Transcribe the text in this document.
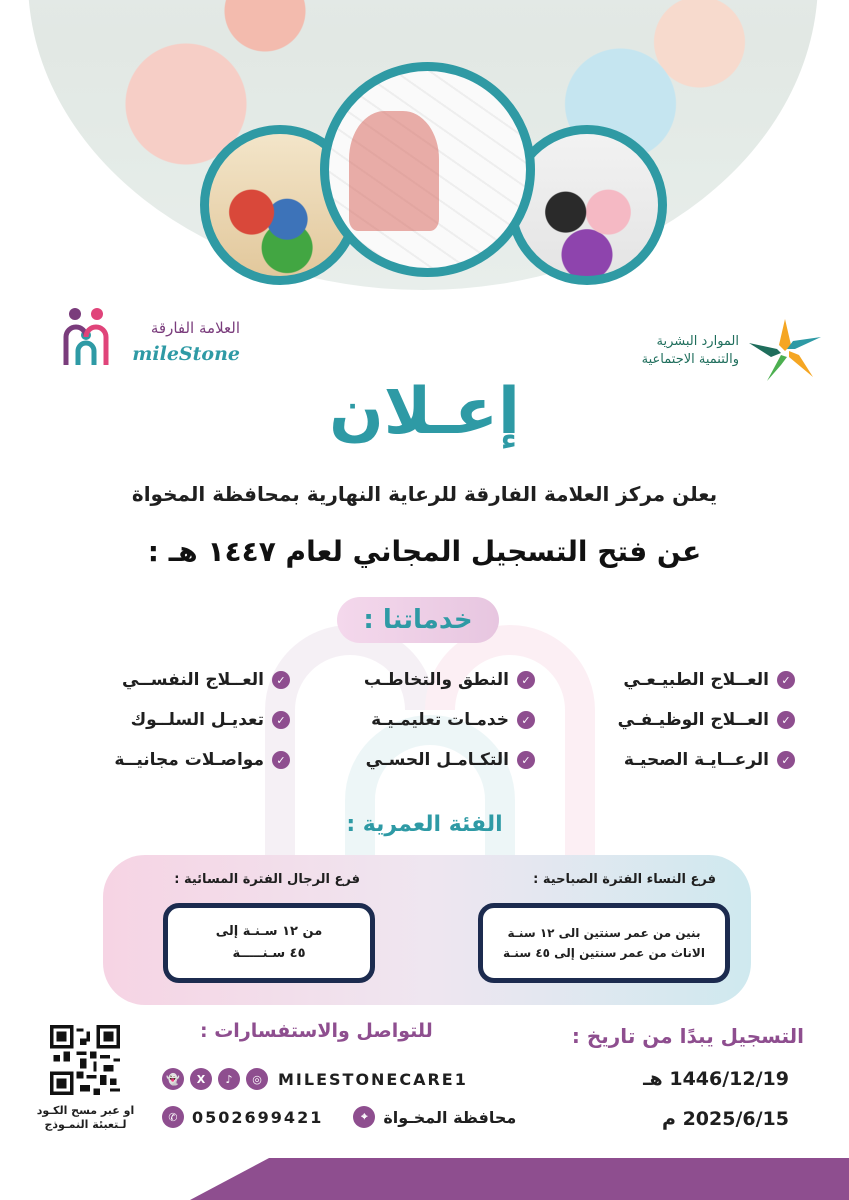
العلامة الفارقة
mileStone
الموارد البشرية
والتنمية الاجتماعية
إعـلان
يعلن مركز العلامة الفارقة للرعاية النهارية بمحافظة المخواة
عن فتح التسجيل المجاني لعام ١٤٤٧ هـ :
خدماتنا :
✓
العــلاج الطبيـعـي
✓
النطق والتخاطـب
✓
العــلاج النفســي
✓
العــلاج الوظيـفـي
✓
خدمـات تعليمـيـة
✓
تعديـل السلــوك
✓
الرعــايـة الصحيـة
✓
التكـامـل الحسـي
✓
مواصـلات مجانيــة
الفئة العمرية :
فرع النساء الفترة الصباحية :
فرع الرجال الفترة المسائية :
بنين من عمر سنتين الى ١٢ سنـة
الاناث من عمر سنتين إلى ٤٥ سنـة
من ١٢ سـنـة إلى
٤٥ سـنـــــة
التسجيل يبدًا من تاريخ :
1446/12/19 هـ
2025/6/15 م
للتواصل والاستفسارات :
👻	X	♪	◎	MILESTONECARE1
✆ 0502699421	⌖ محافظة المخـواة
او عبر مسح الكـود
لـتعبئة النمـوذج
